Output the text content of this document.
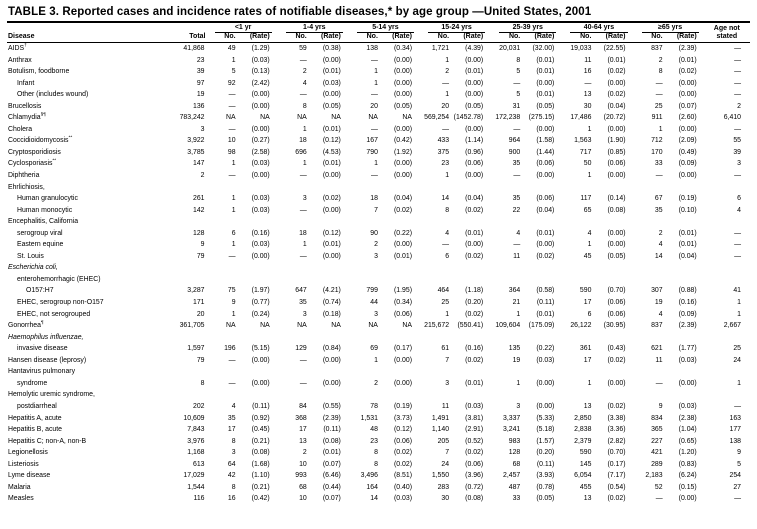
TABLE 3. Reported cases and incidence rates of notifiable diseases,* by age group —United States, 2001

		<1 yr		1-4 yrs		5-14 yrs		15-24 yrs		25-39 yrs		40-64 yrs		≥65 yrs		Age not
Disease	Total	No.	(Rate)	No.	(Rate)	No.	(Rate)	No.	(Rate)	No.	(Rate)	No.	(Rate)	No.	(Rate)	stated
AIDS†	41,868	49	(1.29)	59	(0.38)	138	(0.34)	1,721	(4.39)	20,031	(32.00)	19,033	(22.55)	837	(2.39)	—
Anthrax	23	1	(0.03)	—	(0.00)	—	(0.00)	1	(0.00)	8	(0.01)	11	(0.01)	2	(0.01)	—
Botulism, foodborne	39	5	(0.13)	2	(0.01)	1	(0.00)	2	(0.01)	5	(0.01)	16	(0.02)	8	(0.02)	—
Infant	97	92	(2.42)	4	(0.03)	1	(0.00)	—	(0.00)	—	(0.00)	—	(0.00)	—	(0.00)	—
Other (includes wound)	19	—	(0.00)	—	(0.00)	—	(0.00)	1	(0.00)	5	(0.01)	13	(0.02)	—	(0.00)	—
Brucellosis	136	—	(0.00)	8	(0.05)	20	(0.05)	20	(0.05)	31	(0.05)	30	(0.04)	25	(0.07)	2
Chlamydia§¶	783,242	NA	NA	NA	NA	NA	NA	569,254	(1452.78)	172,238	(275.15)	17,486	(20.72)	911	(2.60)	6,410
Cholera	3	—	(0.00)	1	(0.01)	—	(0.00)	—	(0.00)	—	(0.00)	1	(0.00)	1	(0.00)	—
Coccidioidomycosis**	3,922	10	(0.27)	18	(0.12)	167	(0.42)	433	(1.14)	964	(1.58)	1,563	(1.90)	712	(2.09)	55
Cryptosporidiosis	3,785	98	(2.58)	696	(4.53)	790	(1.92)	375	(0.96)	900	(1.44)	717	(0.85)	170	(0.49)	39
Cyclosporiasis**	147	1	(0.03)	1	(0.01)	1	(0.00)	23	(0.06)	35	(0.06)	50	(0.06)	33	(0.09)	3
Diphtheria	2	—	(0.00)	—	(0.00)	—	(0.00)	1	(0.00)	—	(0.00)	1	(0.00)	—	(0.00)	—
Ehrlichiosis,																
Human granulocytic	261	1	(0.03)	3	(0.02)	18	(0.04)	14	(0.04)	35	(0.06)	117	(0.14)	67	(0.19)	6
Human monocytic	142	1	(0.03)	—	(0.00)	7	(0.02)	8	(0.02)	22	(0.04)	65	(0.08)	35	(0.10)	4
Encephalitis, California																
serogroup viral	128	6	(0.16)	18	(0.12)	90	(0.22)	4	(0.01)	4	(0.01)	4	(0.00)	2	(0.01)	—
Eastern equine	9	1	(0.03)	1	(0.01)	2	(0.00)	—	(0.00)	—	(0.00)	1	(0.00)	4	(0.01)	—
St. Louis	79	—	(0.00)	—	(0.00)	3	(0.01)	6	(0.02)	11	(0.02)	45	(0.05)	14	(0.04)	—
Escherichia coli,																
enterohemorrhagic (EHEC)																
O157:H7	3,287	75	(1.97)	647	(4.21)	799	(1.95)	464	(1.18)	364	(0.58)	590	(0.70)	307	(0.88)	41
EHEC, serogroup non-O157	171	9	(0.77)	35	(0.74)	44	(0.34)	25	(0.20)	21	(0.11)	17	(0.06)	19	(0.16)	1
EHEC, not serogrouped	20	1	(0.24)	3	(0.18)	3	(0.06)	1	(0.02)	1	(0.01)	6	(0.06)	4	(0.09)	1
Gonorrhea¶	361,705	NA	NA	NA	NA	NA	NA	215,672	(550.41)	109,604	(175.09)	26,122	(30.95)	837	(2.39)	2,667
Haemophilus influenzae,																
invasive disease	1,597	196	(5.15)	129	(0.84)	69	(0.17)	61	(0.16)	135	(0.22)	361	(0.43)	621	(1.77)	25
Hansen disease (leprosy)	79	—	(0.00)	—	(0.00)	1	(0.00)	7	(0.02)	19	(0.03)	17	(0.02)	11	(0.03)	24
Hantavirus pulmonary																
syndrome	8	—	(0.00)	—	(0.00)	2	(0.00)	3	(0.01)	1	(0.00)	1	(0.00)	—	(0.00)	1
Hemolytic uremic syndrome,																
postdiarrheal	202	4	(0.11)	84	(0.55)	78	(0.19)	11	(0.03)	3	(0.00)	13	(0.02)	9	(0.03)	—
Hepatitis A, acute	10,609	35	(0.92)	368	(2.39)	1,531	(3.73)	1,491	(3.81)	3,337	(5.33)	2,850	(3.38)	834	(2.38)	163
Hepatitis B, acute	7,843	17	(0.45)	17	(0.11)	48	(0.12)	1,140	(2.91)	3,241	(5.18)	2,838	(3.36)	365	(1.04)	177
Hepatitis C; non-A, non-B	3,976	8	(0.21)	13	(0.08)	23	(0.06)	205	(0.52)	983	(1.57)	2,379	(2.82)	227	(0.65)	138
Legionellosis	1,168	3	(0.08)	2	(0.01)	8	(0.02)	7	(0.02)	128	(0.20)	590	(0.70)	421	(1.20)	9
Listeriosis	613	64	(1.68)	10	(0.07)	8	(0.02)	24	(0.06)	68	(0.11)	145	(0.17)	289	(0.83)	5
Lyme disease	17,029	42	(1.10)	993	(6.46)	3,496	(8.51)	1,550	(3.96)	2,457	(3.93)	6,054	(7.17)	2,183	(6.24)	254
Malaria	1,544	8	(0.21)	68	(0.44)	164	(0.40)	283	(0.72)	487	(0.78)	455	(0.54)	52	(0.15)	27
Measles	116	16	(0.42)	10	(0.07)	14	(0.03)	30	(0.08)	33	(0.05)	13	(0.02)	—	(0.00)	—
